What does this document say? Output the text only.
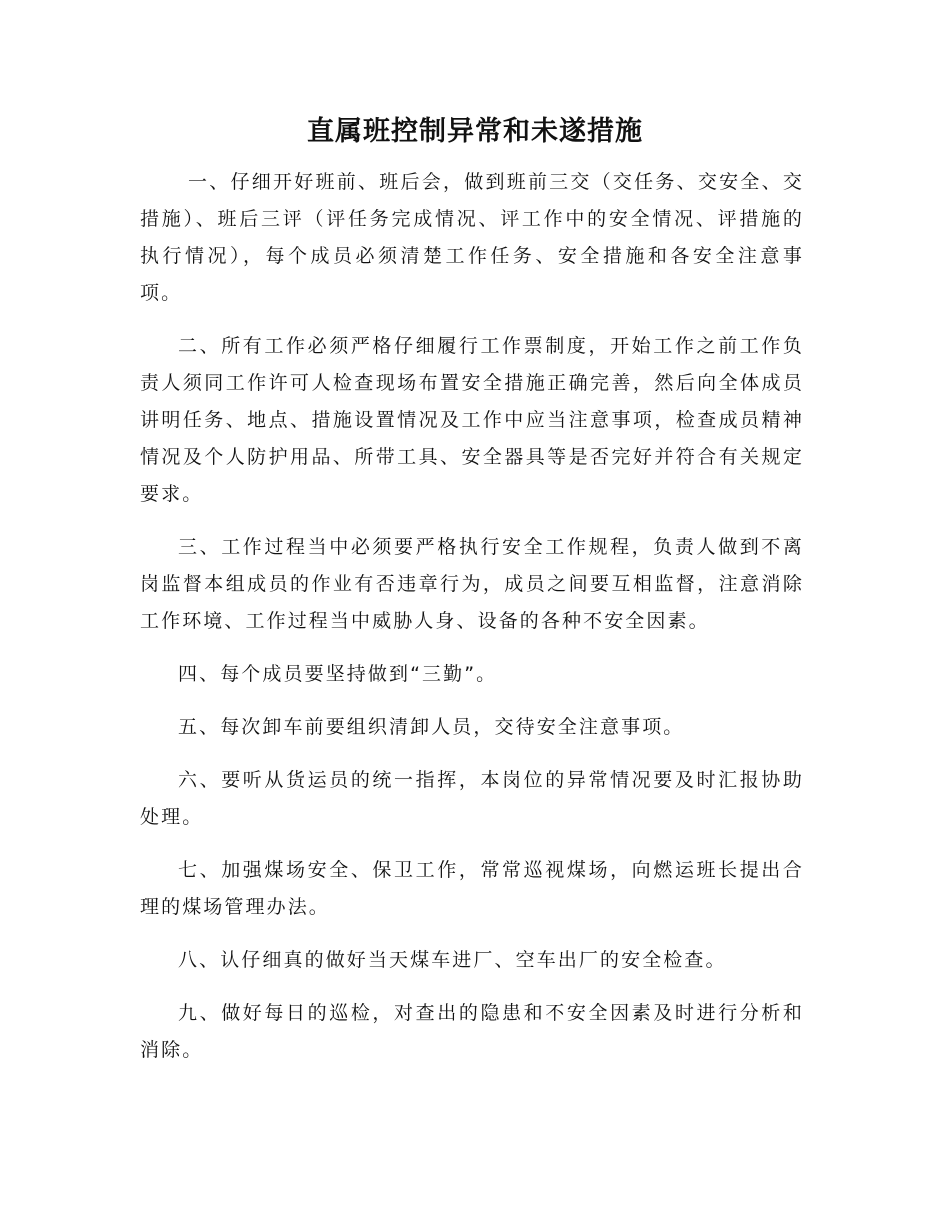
直属班控制异常和未遂措施

一、仔细开好班前、班后会，做到班前三交（交任务、交安全、交措施）、班后三评（评任务完成情况、评工作中的安全情况、评措施的执行情况），每个成员必须清楚工作任务、安全措施和各安全注意事项。

二、所有工作必须严格仔细履行工作票制度，开始工作之前工作负责人须同工作许可人检查现场布置安全措施正确完善，然后向全体成员讲明任务、地点、措施设置情况及工作中应当注意事项，检查成员精神情况及个人防护用品、所带工具、安全器具等是否完好并符合有关规定要求。

三、工作过程当中必须要严格执行安全工作规程，负责人做到不离岗监督本组成员的作业有否违章行为，成员之间要互相监督，注意消除工作环境、工作过程当中威胁人身、设备的各种不安全因素。

四、每个成员要坚持做到“三勤”。

五、每次卸车前要组织清卸人员，交待安全注意事项。

六、要听从货运员的统一指挥，本岗位的异常情况要及时汇报协助处理。

七、加强煤场安全、保卫工作，常常巡视煤场，向燃运班长提出合理的煤场管理办法。

八、认仔细真的做好当天煤车进厂、空车出厂的安全检查。

九、做好每日的巡检，对查出的隐患和不安全因素及时进行分析和消除。
